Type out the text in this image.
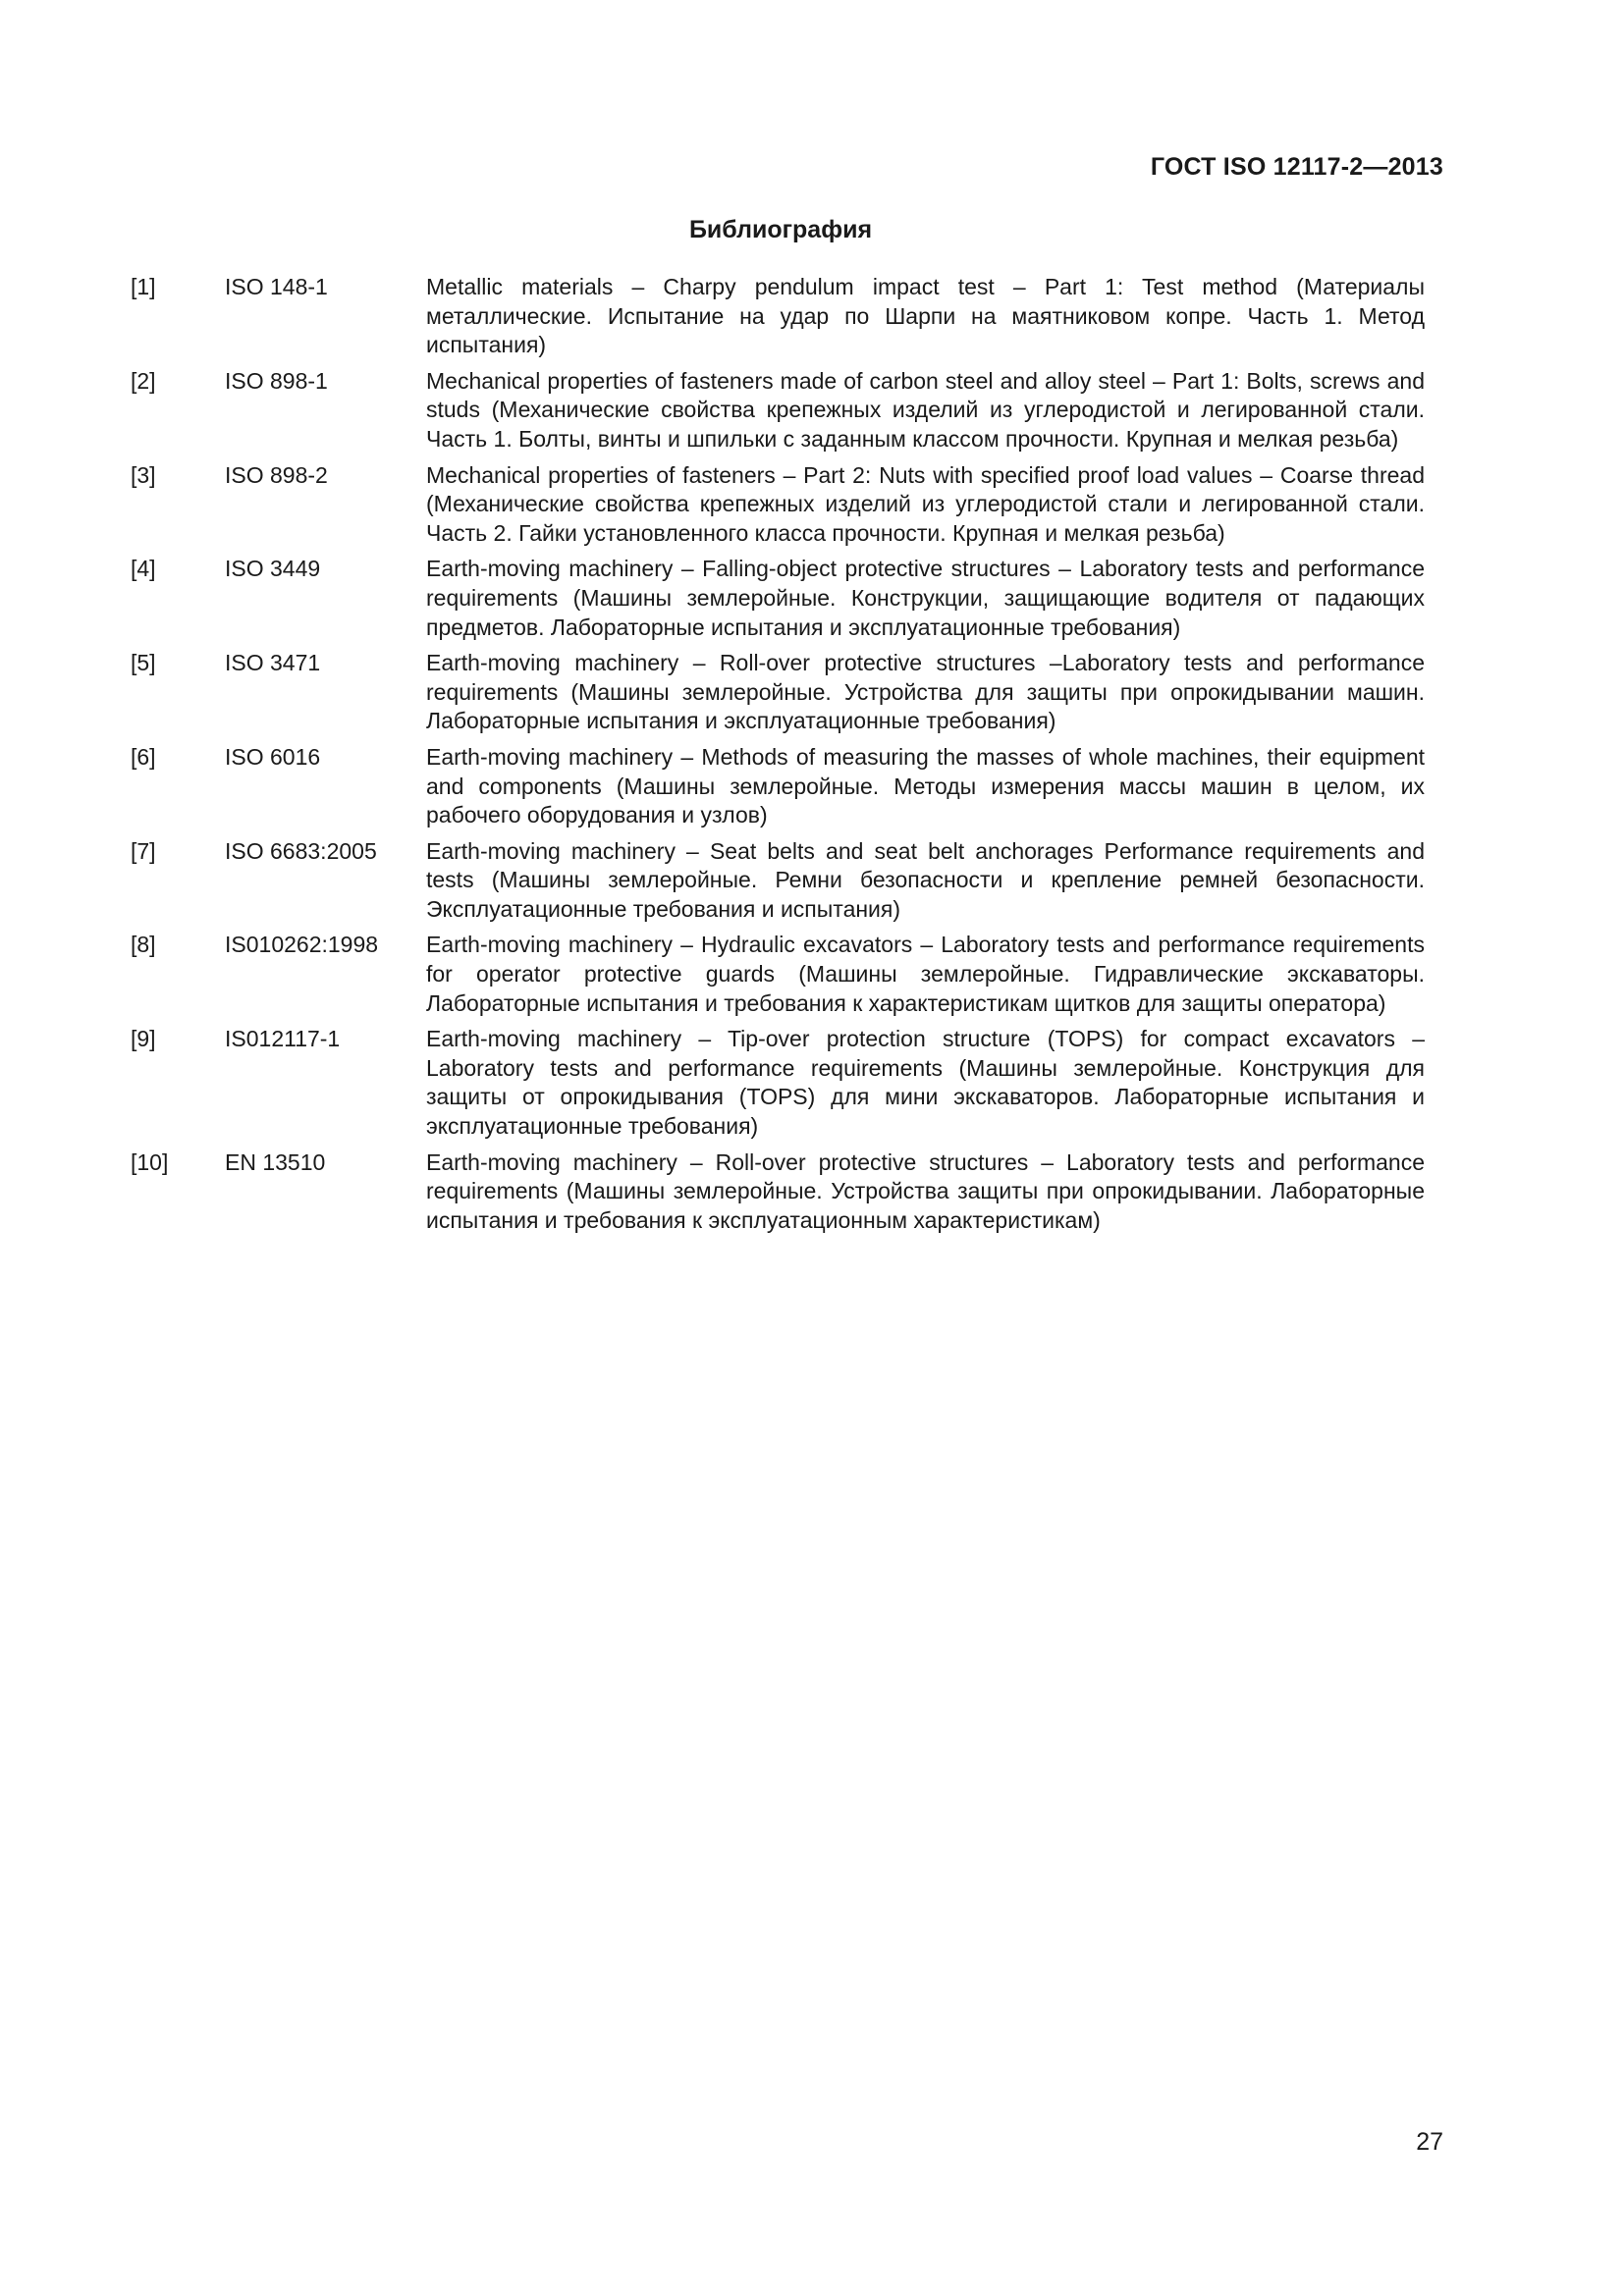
ГОСТ ISO 12117-2—2013
Библиография
[1]	ISO 148-1	Metallic materials – Charpy pendulum impact test – Part 1: Test method (Материалы металлические. Испытание на удар по Шарпи на маятниковом копре. Часть 1. Метод испытания)
[2]	ISO 898-1	Mechanical properties of fasteners made of carbon steel and alloy steel – Part 1: Bolts, screws and studs (Механические свойства крепежных изделий из углеродистой и легированной стали. Часть 1. Болты, винты и шпильки с заданным классом прочности. Крупная и мелкая резьба)
[3]	ISO 898-2	Mechanical properties of fasteners – Part 2: Nuts with specified proof load values – Coarse thread (Механические свойства крепежных изделий из углеродистой стали и легированной стали. Часть 2. Гайки установленного класса прочности. Крупная и мелкая резьба)
[4]	ISO 3449	Earth-moving machinery – Falling-object protective structures – Laboratory tests and performance requirements (Машины землеройные. Конструкции, защищающие водителя от падающих предметов. Лабораторные испытания и эксплуатационные требования)
[5]	ISO 3471	Earth-moving machinery – Roll-over protective structures –Laboratory tests and performance requirements (Машины землеройные. Устройства для защиты при опрокидывании машин. Лабораторные испытания и эксплуатационные требования)
[6]	ISO 6016	Earth-moving machinery – Methods of measuring the masses of whole machines, their equipment and components (Машины землеройные. Методы измерения массы машин в целом, их рабочего оборудования и узлов)
[7]	ISO 6683:2005	Earth-moving machinery – Seat belts and seat belt anchorages Performance requirements and tests (Машины землеройные. Ремни безопасности и крепление ремней безопасности. Эксплуатационные требования и испытания)
[8]	IS010262:1998	Earth-moving machinery – Hydraulic excavators – Laboratory tests and performance requirements for operator protective guards (Машины землеройные. Гидравлические экскаваторы. Лабораторные испытания и требования к характеристикам щитков для защиты оператора)
[9]	IS012117-1	Earth-moving machinery – Tip-over protection structure (TOPS) for compact excavators – Laboratory tests and performance requirements (Машины землеройные. Конструкция для защиты от опрокидывания (TOPS) для мини экскаваторов. Лабораторные испытания и эксплуатационные требования)
[10]	EN 13510	Earth-moving machinery – Roll-over protective structures – Laboratory tests and performance requirements (Машины землеройные. Устройства защиты при опрокидывании. Лабораторные испытания и требования к эксплуатационным характеристикам)
27
